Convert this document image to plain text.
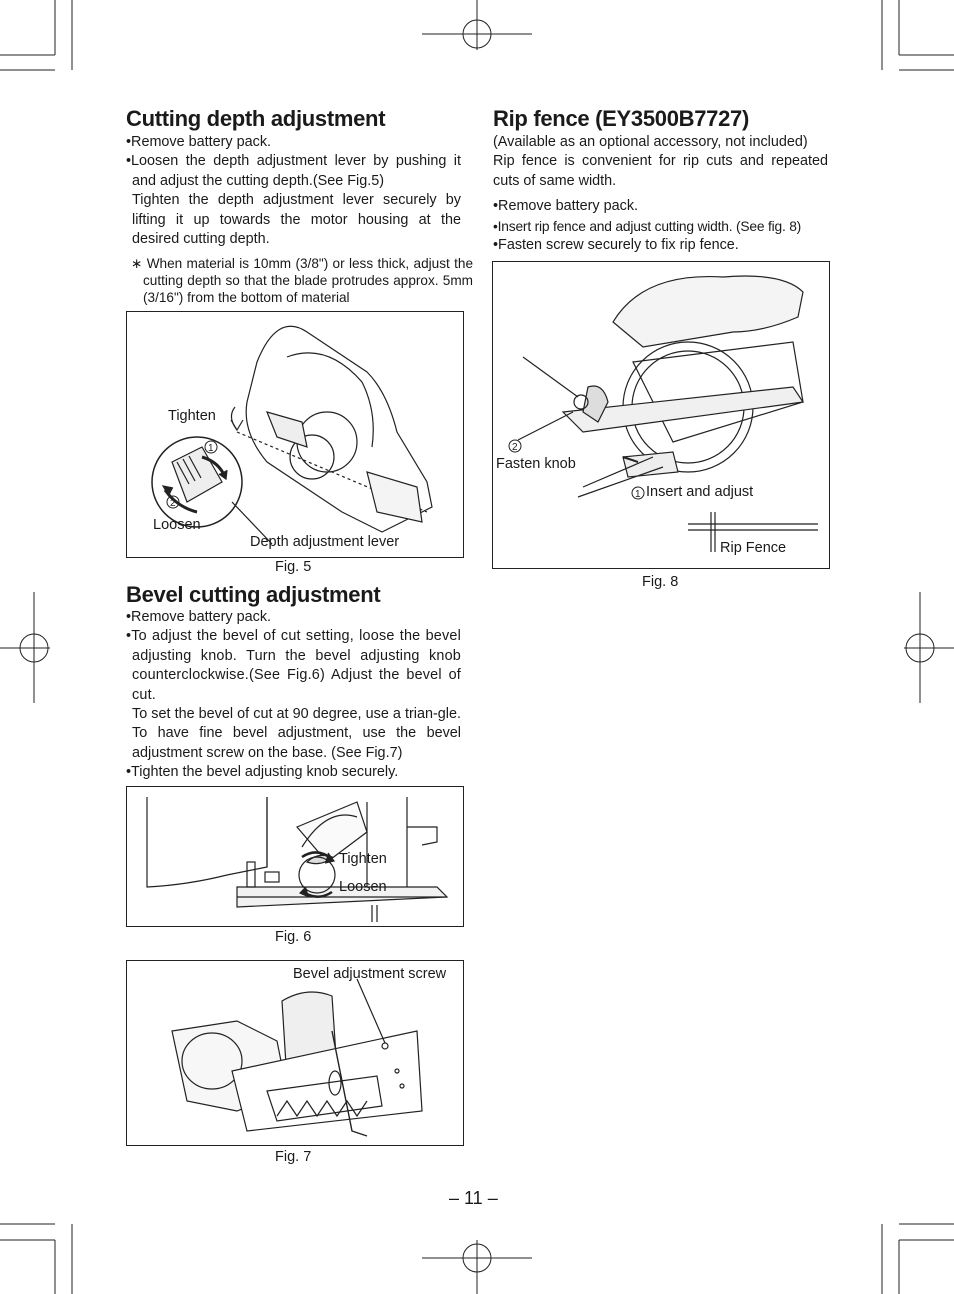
Cutting depth adjustment
• Remove battery pack.
•Loosen the depth adjustment lever by pushing it and adjust the cutting depth.(See Fig.5)
Tighten the depth adjustment lever securely by lifting it up towards the motor housing at the desired cutting depth.
∗ When material is 10mm (3/8") or less thick, adjust the cutting depth so that the blade protrudes approx. 5mm (3/16") from the bottom of material
1
2
Tighten
Loosen
Depth adjustment lever
Fig. 5
Bevel cutting adjustment
• Remove battery pack.
•To adjust the bevel of cut setting, loose the bevel adjusting knob. Turn the bevel adjusting knob counterclockwise.(See Fig.6) Adjust the bevel of cut.
To set the bevel of cut at 90 degree, use a trian-gle. To have fine bevel adjustment, use the bevel adjustment screw on the base. (See Fig.7)
• Tighten the bevel adjusting knob securely.
Tighten
Loosen
Fig. 6
Bevel adjustment screw
Fig. 7
Rip fence (EY3500B7727)
(Available as an optional accessory, not included)
Rip fence is convenient for rip cuts and repeated cuts of same width.
• Remove battery pack.
• Insert rip fence and adjust cutting width. (See fig. 8)
• Fasten screw securely to fix rip fence.
2
1
Fasten knob
Insert and adjust
Rip Fence
Fig. 8
– 11 –
